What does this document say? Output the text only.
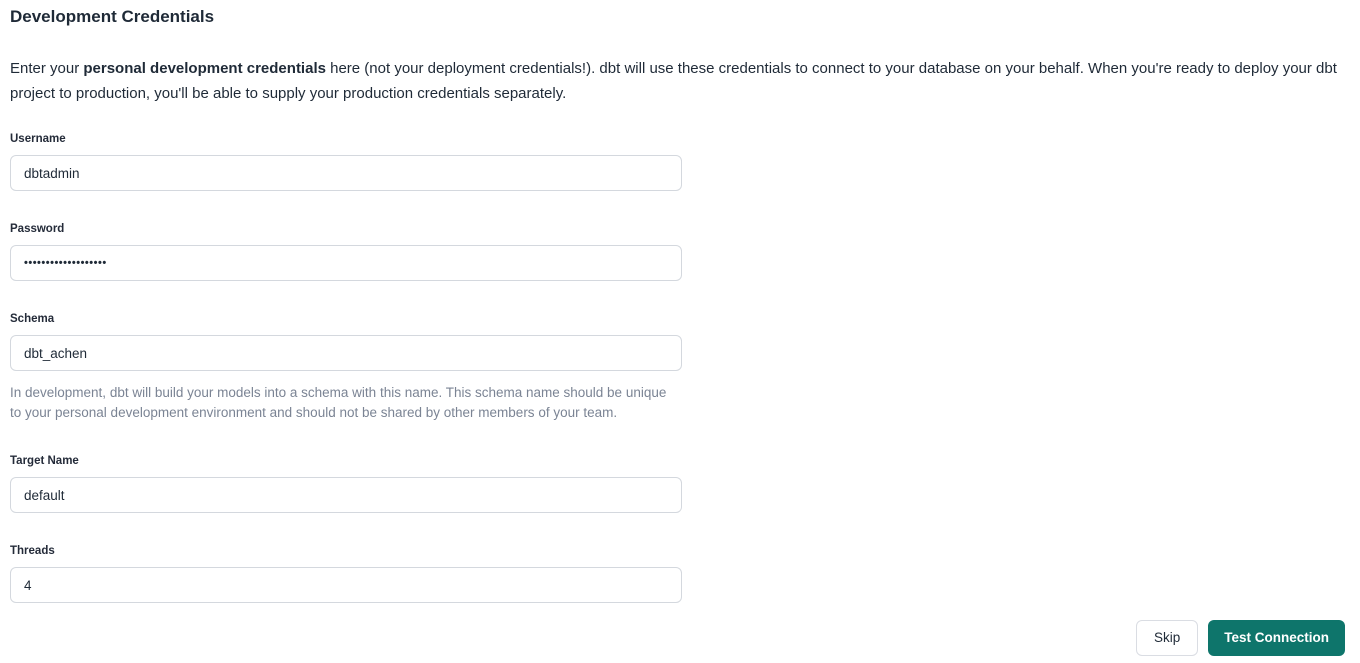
Development Credentials

Enter your personal development credentials here (not your deployment credentials!). dbt will use these credentials to connect to your database on your behalf. When you're ready to deploy your dbt project to production, you'll be able to supply your production credentials separately.

Username
dbtadmin
Password
•••••••••••••••••••
Schema
dbt_achen

In development, dbt will build your models into a schema with this name. This schema name should be unique to your personal development environment and should not be shared by other members of your team.

Target Name
default
Threads
4
Skip	Test Connection
